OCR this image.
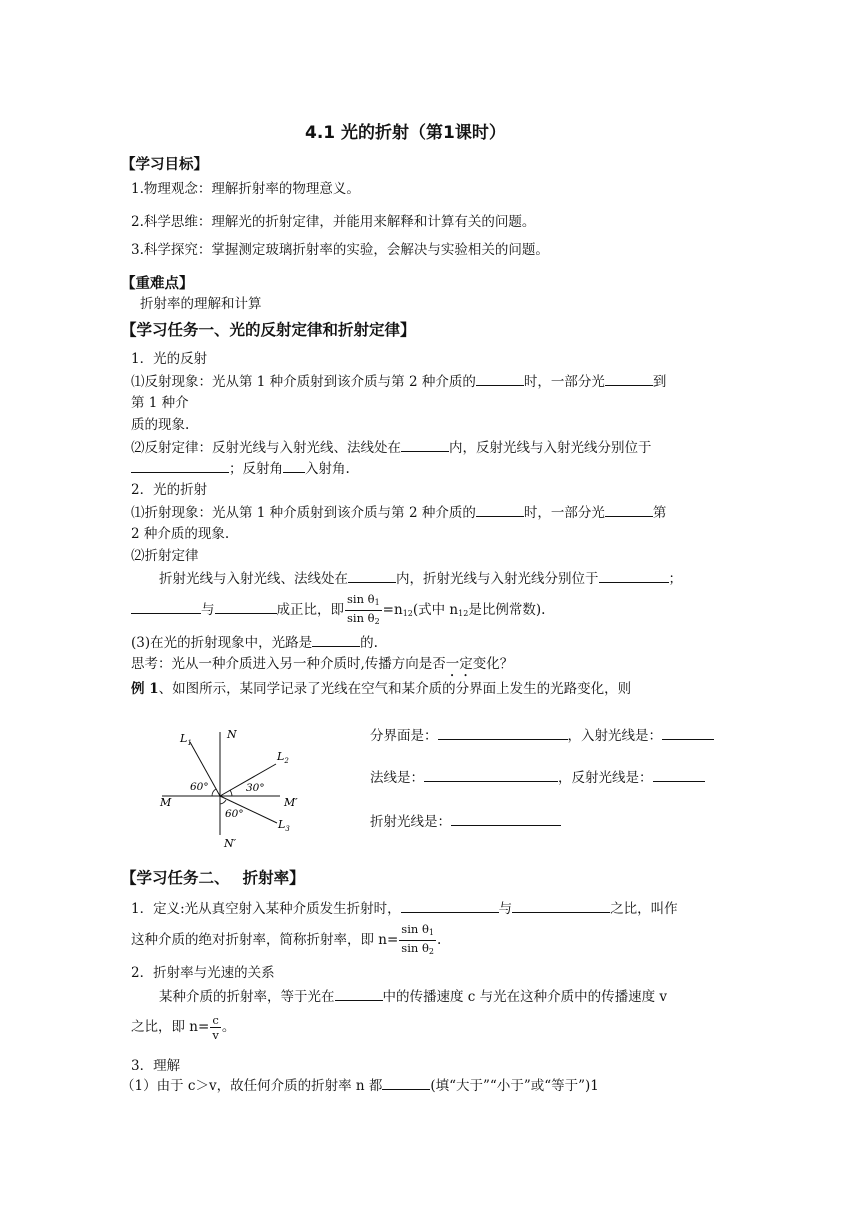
4.1 光的折射（第1课时）
【学习目标】
1.物理观念：理解折射率的物理意义。
2.科学思维：理解光的折射定律，并能用来解释和计算有关的问题。
3.科学探究：掌握测定玻璃折射率的实验，会解决与实验相关的问题。
【重难点】
折射率的理解和计算
【学习任务一、光的反射定律和折射定律】
1．光的反射
⑴反射现象：光从第 1 种介质射到该介质与第 2 种介质的	时，一部分光	到
第 1 种介
质的现象.
⑵反射定律：反射光线与入射光线、法线处在	内，反射光线与入射光线分别位于
；反射角 入射角.
2．光的折射
⑴折射现象：光从第 1 种介质射到该介质与第 2 种介质的	时，一部分光	第
2 种介质的现象.
⑵折射定律
折射光线与入射光线、法线处在	内，折射光线与入射光线分别位于	；
与	成正比，即 $\frac{\sin \theta_1}{\sin \theta_2} =n_{12}$(式中 $n_{12}$是比例常数).
(3)在光的折射现象中，光路是	的.
思考：光从一种介质进入另一种介质时,传播方向是否一定变化？
例 1、如图所示，某同学记录了光线在空气和某介质的分界面上发生的光路变化，则
N
N′
M	M′
$L_1$
$L_2$
$L_3$
60°	30°
60°
分界面是：	，入射光线是：
法线是：	，反射光线是：
折射光线是：
【学习任务二、　 折射率】
1．定义:光从真空射入某种介质发生折射时，	与	之比，叫作
这种介质的绝对折射率，简称折射率，即 $n= \frac{\sin \theta_1}{\sin \theta_2}$ .
2．折射率与光速的关系
某种介质的折射率，等于光在	中的传播速度 c 与光在这种介质中的传播速度 v
之比，即 $n= \frac{c}{v}$ 。
3．理解
（1）由于 c＞v，故任何介质的折射率 n 都	(填“大于”“小于”或“等于”)1
